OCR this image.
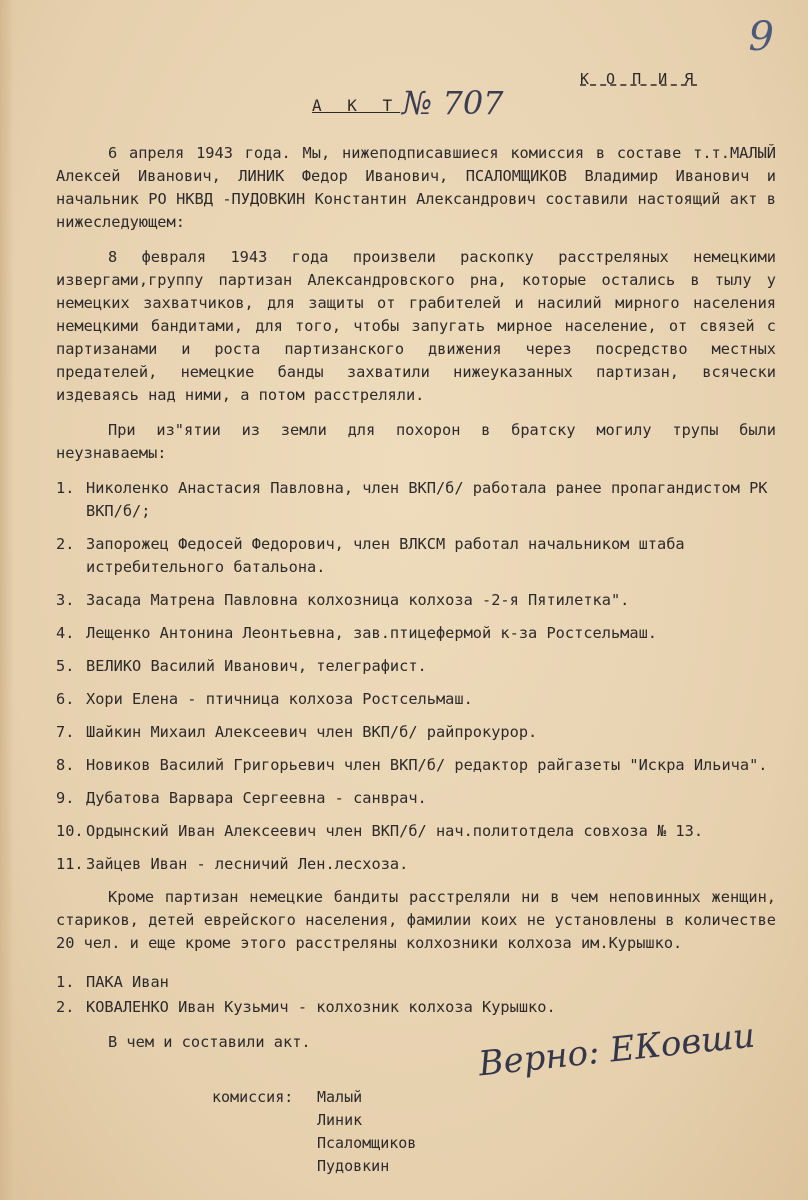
9
К О П И Я
А К Т № 707

6 апреля 1943 года. Мы, нижеподписавшиеся комиссия в составе т.т.МАЛЫЙ Алексей Иванович, ЛИНИК Федор Иванович, ПСАЛОМЩИКОВ Владимир Иванович и начальник РО НКВД -ПУДОВКИН Константин Александрович составили настоящий акт в нижеследующем:

8 февраля 1943 года произвели раскопку расстреляных немецкими извергами,группу партизан Александровского рна, которые остались в тылу у немецких захватчиков, для защиты от грабителей и насилий мирного населения немецкими бандитами, для того, чтобы запугать мирное население, от связей с партизанами и роста партизанского движения через посредство местных предателей, немецкие банды захватили нижеуказанных партизан, всячески издеваясь над ними, а потом расстреляли.

При из"ятии из земли для похорон в братску могилу трупы были неузнаваемы:

1. Николенко Анастасия Павловна, член ВКП/б/ работала ранее пропагандистом РК ВКП/б/;
2. Запорожец Федосей Федорович, член ВЛКСМ работал начальником штаба истребительного батальона.
3. Засада Матрена Павловна колхозница колхоза -2-я Пятилетка".
4. Лещенко Антонина Леонтьевна, зав.птицефермой к-за Ростсельмаш.
5. ВЕЛИКО Василий Иванович, телеграфист.
6. Хори Елена - птичница колхоза Ростсельмаш.
7. Шайкин Михаил Алексеевич член ВКП/б/ райпрокурор.
8. Новиков Василий Григорьевич член ВКП/б/ редактор райгазеты "Искра Ильича".
9. Дубатова Варвара Сергеевна - санврач.
10. Ордынский Иван Алексеевич член ВКП/б/ нач.политотдела совхоза № 13.
11. Зайцев Иван - лесничий Лен.лесхоза.

Кроме партизан немецкие бандиты расстреляли ни в чем неповинных женщин, стариков, детей еврейского населения, фамилии коих не установлены в количестве 20 чел. и еще кроме этого расстреляны колхозники колхоза им.Курышко.

1. ПАКА Иван
2. КОВАЛЕНКО Иван Кузьмич - колхозник колхоза Курышко.

В чем и составили акт.

комиссия:	Малый
Линик
Псаломщиков
Пудовкин
Верно: ЕКовши
